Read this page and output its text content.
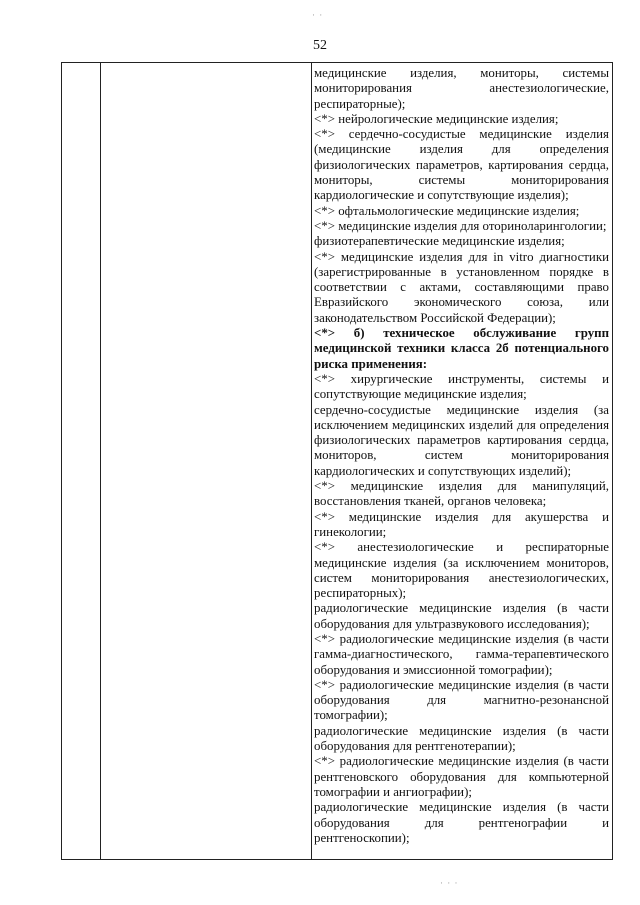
· ·
52

медицинские изделия, мониторы, системы мониторирования анестезиологические, респираторные);

<*> нейрологические медицинские изделия;

<*> сердечно-сосудистые медицинские изделия (медицинские изделия для определения физиологических параметров, картирования сердца, мониторы, системы мониторирования кардиологические и сопутствующие изделия);

<*> офтальмологические медицинские изделия;

<*> медицинские изделия для оториноларингологии;

физиотерапевтические медицинские изделия;

<*> медицинские изделия для in vitro диагностики (зарегистрированные в установленном порядке в соответствии с актами, составляющими право Евразийского экономического союза, или законодательством Российской Федерации);

<*> б) техническое обслуживание групп медицинской техники класса 2б потенциального риска применения:

<*> хирургические инструменты, системы и сопутствующие медицинские изделия;

сердечно-сосудистые медицинские изделия (за исключением медицинских изделий для определения физиологических параметров картирования сердца, мониторов, систем мониторирования кардиологических и сопутствующих изделий);

<*> медицинские изделия для манипуляций, восстановления тканей, органов человека;

<*> медицинские изделия для акушерства и гинекологии;

<*> анестезиологические и респираторные медицинские изделия (за исключением мониторов, систем мониторирования анестезиологических, респираторных);

радиологические медицинские изделия (в части оборудования для ультразвукового исследования);

<*> радиологические медицинские изделия (в части гамма-диагностического, гамма-терапевтического оборудования и эмиссионной томографии);

<*> радиологические медицинские изделия (в части оборудования для магнитно-резонансной томографии);

радиологические медицинские изделия (в части оборудования для рентгенотерапии);

<*> радиологические медицинские изделия (в части рентгеновского оборудования для компьютерной томографии и ангиографии);

радиологические медицинские изделия (в части оборудования для рентгенографии и рентгеноскопии);

· · ·
